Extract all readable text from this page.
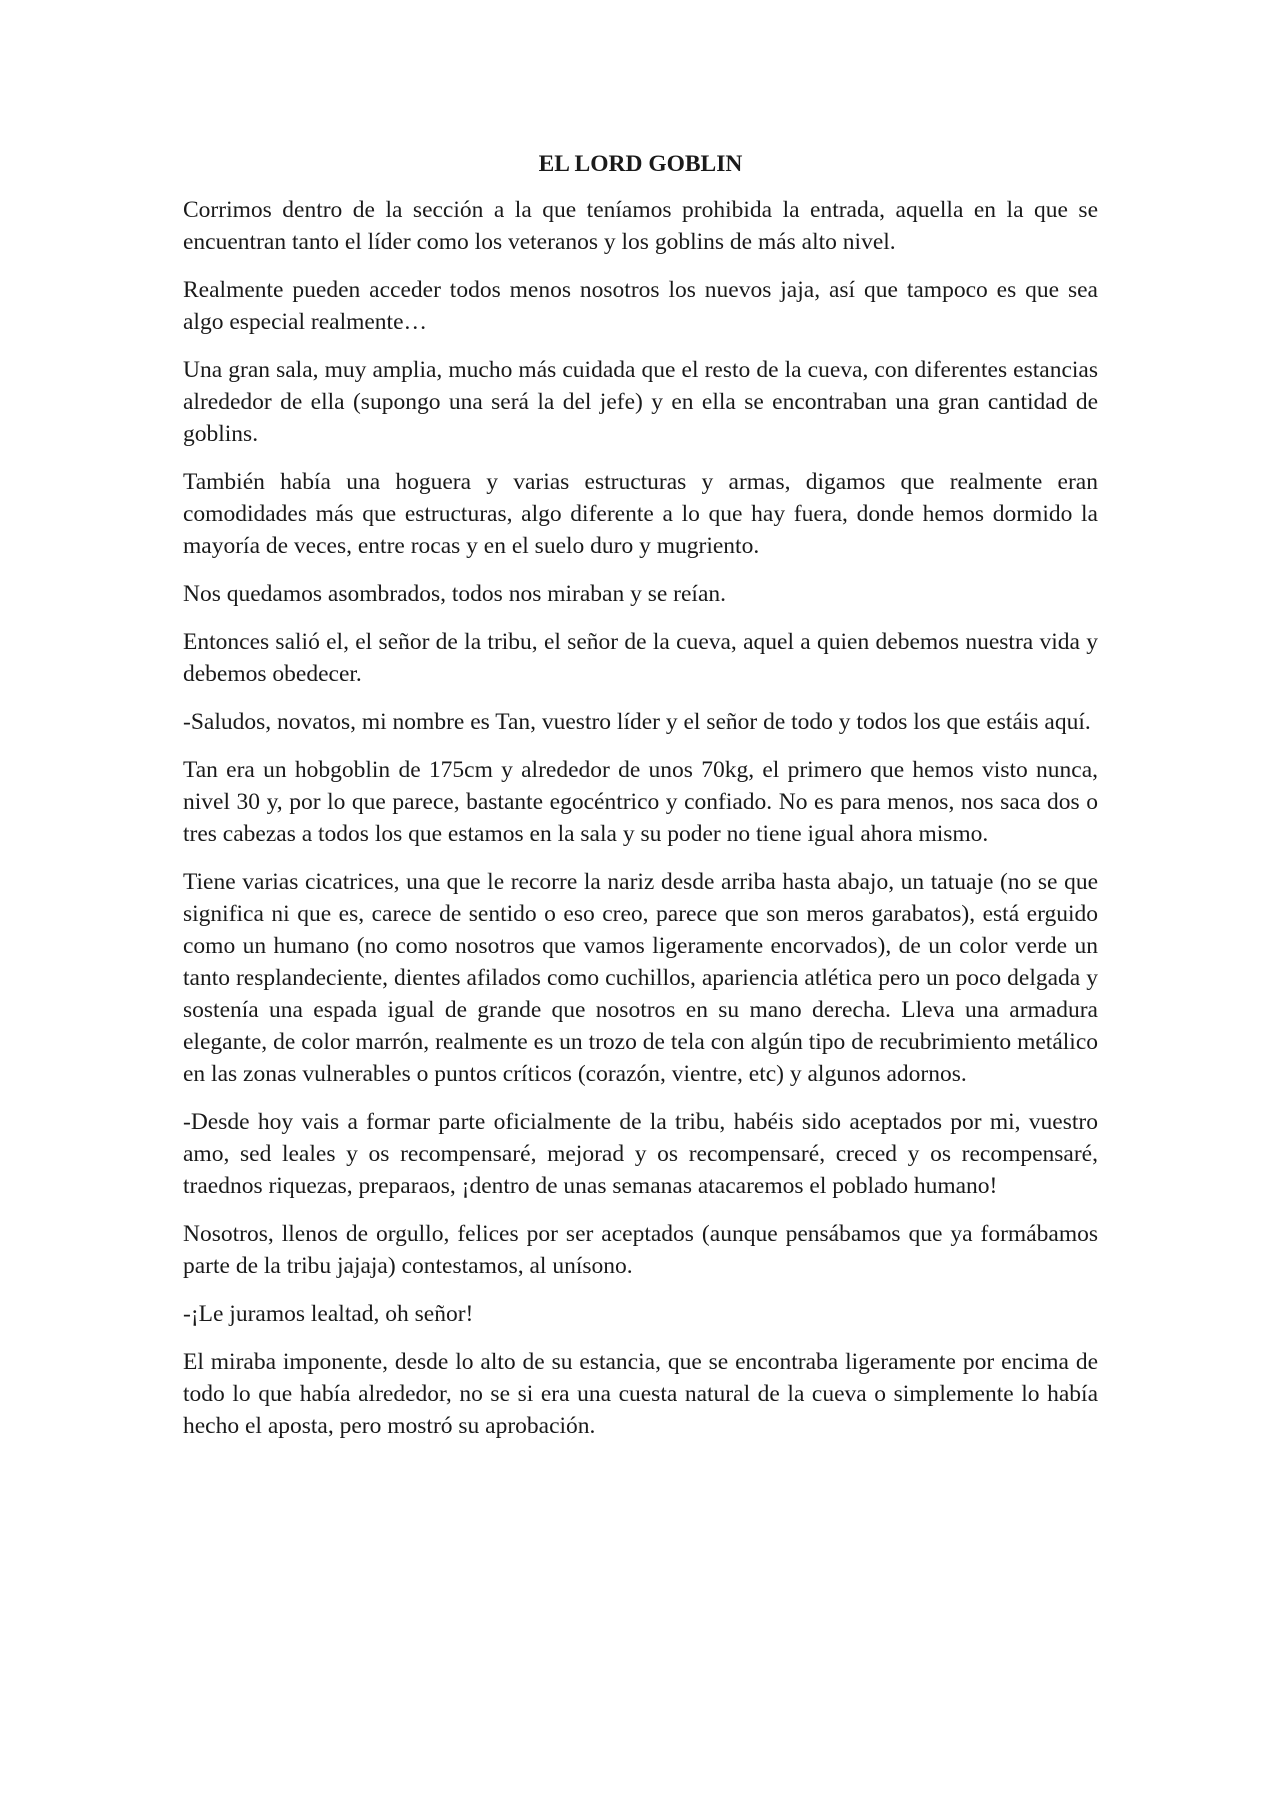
EL LORD GOBLIN

Corrimos dentro de la sección a la que teníamos prohibida la entrada, aquella en la que se encuentran tanto el líder como los veteranos y los goblins de más alto nivel.

Realmente pueden acceder todos menos nosotros los nuevos jaja, así que tampoco es que sea algo especial realmente…

Una gran sala, muy amplia, mucho más cuidada que el resto de la cueva, con diferentes estancias alrededor de ella (supongo una será la del jefe) y en ella se encontraban una gran cantidad de goblins.

También había una hoguera y varias estructuras y armas, digamos que realmente eran comodidades más que estructuras, algo diferente a lo que hay fuera, donde hemos dormido la mayoría de veces, entre rocas y en el suelo duro y mugriento.

Nos quedamos asombrados, todos nos miraban y se reían.

Entonces salió el, el señor de la tribu, el señor de la cueva, aquel a quien debemos nuestra vida y debemos obedecer.

-Saludos, novatos, mi nombre es Tan, vuestro líder y el señor de todo y todos los que estáis aquí.

Tan era un hobgoblin de 175cm y alrededor de unos 70kg, el primero que hemos visto nunca, nivel 30 y, por lo que parece, bastante egocéntrico y confiado. No es para menos, nos saca dos o tres cabezas a todos los que estamos en la sala y su poder no tiene igual ahora mismo.

Tiene varias cicatrices, una que le recorre la nariz desde arriba hasta abajo, un tatuaje (no se que significa ni que es, carece de sentido o eso creo, parece que son meros garabatos), está erguido como un humano (no como nosotros que vamos ligeramente encorvados), de un color verde un tanto resplandeciente, dientes afilados como cuchillos, apariencia atlética pero un poco delgada y sostenía una espada igual de grande que nosotros en su mano derecha. Lleva una armadura elegante, de color marrón, realmente es un trozo de tela con algún tipo de recubrimiento metálico en las zonas vulnerables o puntos críticos (corazón, vientre, etc) y algunos adornos.

-Desde hoy vais a formar parte oficialmente de la tribu, habéis sido aceptados por mi, vuestro amo, sed leales y os recompensaré, mejorad y os recompensaré, creced y os recompensaré, traednos riquezas, preparaos, ¡dentro de unas semanas atacaremos el poblado humano!

Nosotros, llenos de orgullo, felices por ser aceptados (aunque pensábamos que ya formábamos parte de la tribu jajaja) contestamos, al unísono.

-¡Le juramos lealtad, oh señor!

El miraba imponente, desde lo alto de su estancia, que se encontraba ligeramente por encima de todo lo que había alrededor, no se si era una cuesta natural de la cueva o simplemente lo había hecho el aposta, pero mostró su aprobación.
